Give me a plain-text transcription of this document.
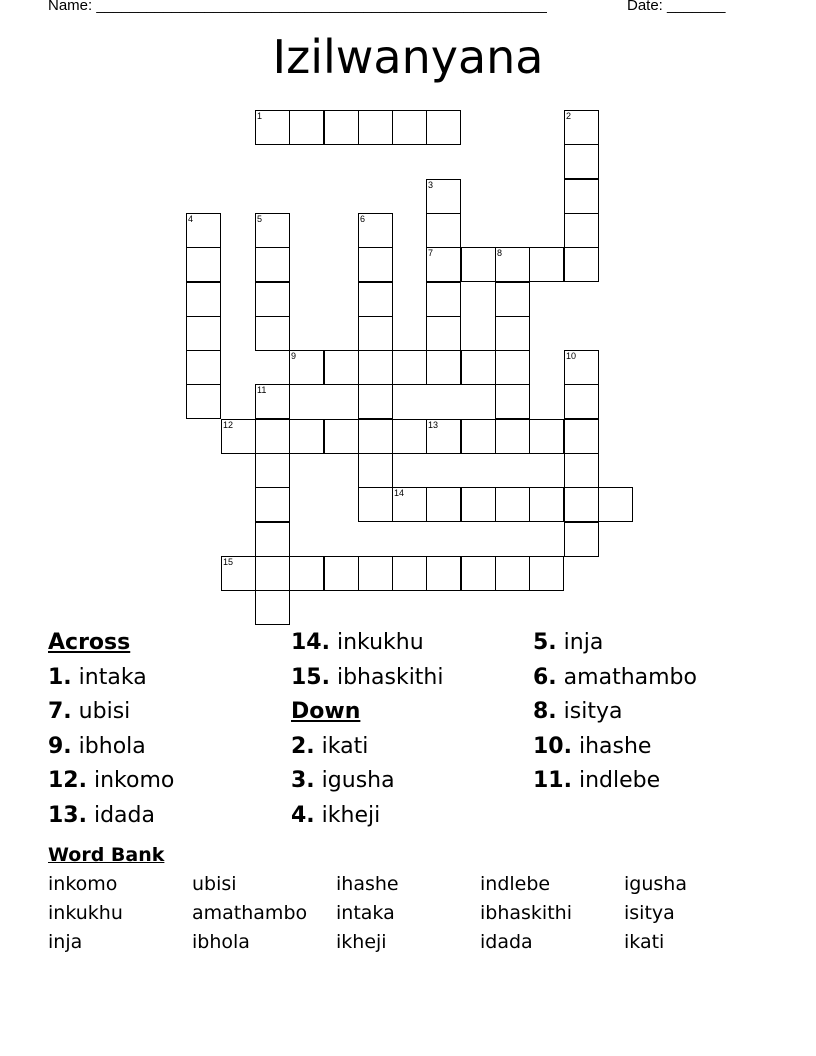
Name: ______________________________________________________	Date: _______
Izilwanyana
1	2
3
7
4	5	6
8
9	10
11
12	13
14
15
Across
1. intaka
7. ubisi
9. ibhola
12. inkomo
13. idada
14. inkukhu
15. ibhaskithi
Down
2. ikati
3. igusha
4. ikheji
5. inja
6. amathambo
8. isitya
10. ihashe
11. indlebe
Word Bank
inkomo	ubisi	ihashe	indlebe	igusha
inkukhu	amathambo intaka	ibhaskithi	isitya
inja	ibhola	ikheji	idada	ikati
